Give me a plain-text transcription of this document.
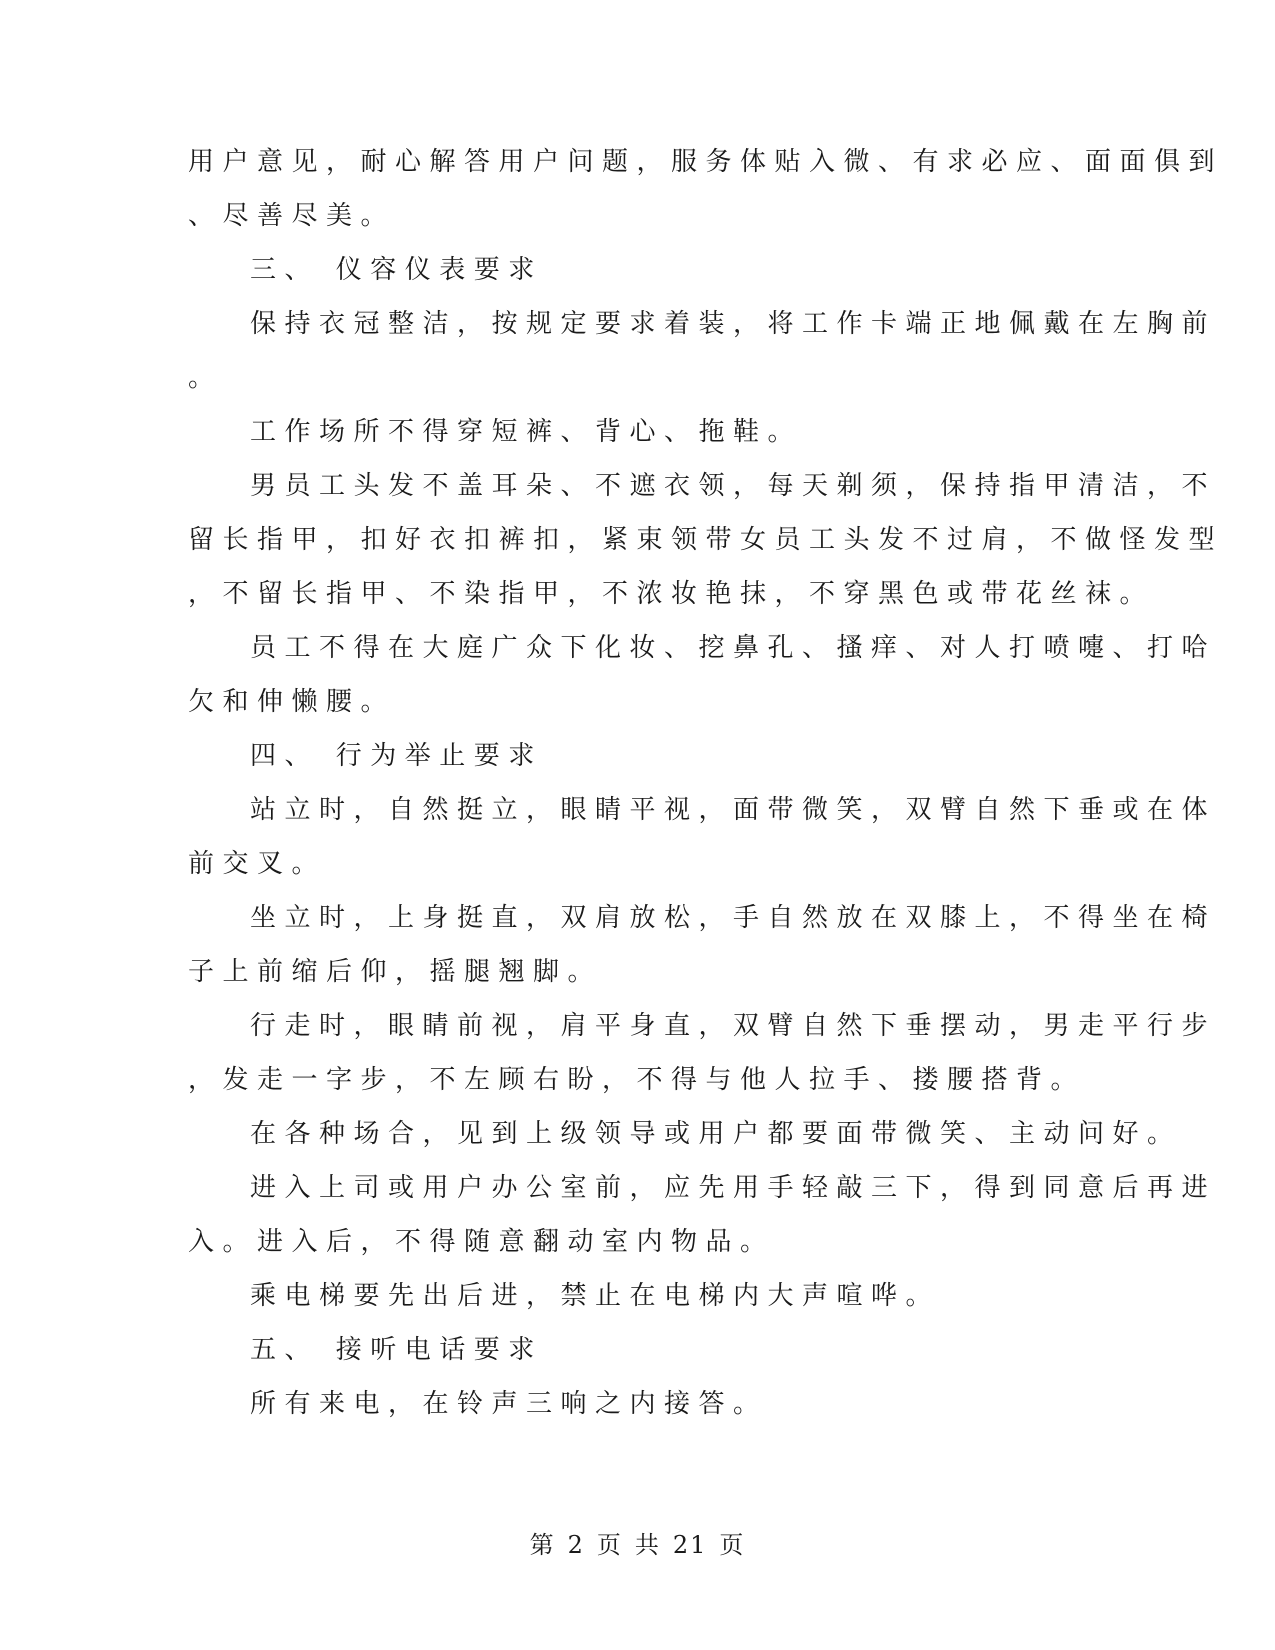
用户意见，耐心解答用户问题，服务体贴入微、有求必应、面面俱到
、尽善尽美。
三、 仪容仪表要求
保持衣冠整洁，按规定要求着装，将工作卡端正地佩戴在左胸前
。
工作场所不得穿短裤、背心、拖鞋。
男员工头发不盖耳朵、不遮衣领，每天剃须，保持指甲清洁，不
留长指甲，扣好衣扣裤扣，紧束领带女员工头发不过肩，不做怪发型
，不留长指甲、不染指甲，不浓妆艳抹，不穿黑色或带花丝袜。
员工不得在大庭广众下化妆、挖鼻孔、搔痒、对人打喷嚏、打哈
欠和伸懒腰。
四、 行为举止要求
站立时，自然挺立，眼睛平视，面带微笑，双臂自然下垂或在体
前交叉。
坐立时，上身挺直，双肩放松，手自然放在双膝上，不得坐在椅
子上前缩后仰，摇腿翘脚。
行走时，眼睛前视，肩平身直，双臂自然下垂摆动，男走平行步
，发走一字步，不左顾右盼，不得与他人拉手、搂腰搭背。
在各种场合，见到上级领导或用户都要面带微笑、主动问好。
进入上司或用户办公室前，应先用手轻敲三下，得到同意后再进
入。进入后，不得随意翻动室内物品。
乘电梯要先出后进，禁止在电梯内大声喧哗。
五、 接听电话要求
所有来电，在铃声三响之内接答。
第 2 页 共 21 页
